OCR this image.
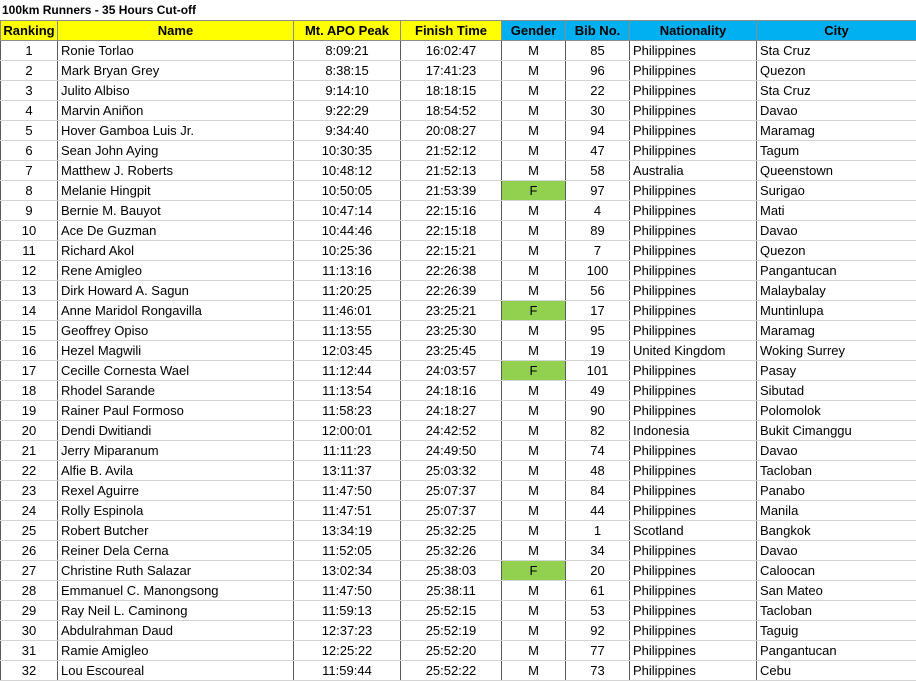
100km Runners - 35 Hours Cut-off
Ranking	Name	Mt. APO Peak	Finish Time	Gender	Bib No.	Nationality	City
1	Ronie Torlao	8:09:21	16:02:47	M	85	Philippines	Sta Cruz
2	Mark Bryan Grey	8:38:15	17:41:23	M	96	Philippines	Quezon
3	Julito Albiso	9:14:10	18:18:15	M	22	Philippines	Sta Cruz
4	Marvin Aniñon	9:22:29	18:54:52	M	30	Philippines	Davao
5	Hover Gamboa Luis Jr.	9:34:40	20:08:27	M	94	Philippines	Maramag
6	Sean John Aying	10:30:35	21:52:12	M	47	Philippines	Tagum
7	Matthew J. Roberts	10:48:12	21:52:13	M	58	Australia	Queenstown
8	Melanie Hingpit	10:50:05	21:53:39	F	97	Philippines	Surigao
9	Bernie M. Bauyot	10:47:14	22:15:16	M	4	Philippines	Mati
10	Ace De Guzman	10:44:46	22:15:18	M	89	Philippines	Davao
11	Richard Akol	10:25:36	22:15:21	M	7	Philippines	Quezon
12	Rene Amigleo	11:13:16	22:26:38	M	100	Philippines	Pangantucan
13	Dirk Howard A. Sagun	11:20:25	22:26:39	M	56	Philippines	Malaybalay
14	Anne Maridol Rongavilla	11:46:01	23:25:21	F	17	Philippines	Muntinlupa
15	Geoffrey Opiso	11:13:55	23:25:30	M	95	Philippines	Maramag
16	Hezel Magwili	12:03:45	23:25:45	M	19	United Kingdom	Woking Surrey
17	Cecille Cornesta Wael	11:12:44	24:03:57	F	101	Philippines	Pasay
18	Rhodel Sarande	11:13:54	24:18:16	M	49	Philippines	Sibutad
19	Rainer Paul Formoso	11:58:23	24:18:27	M	90	Philippines	Polomolok
20	Dendi Dwitiandi	12:00:01	24:42:52	M	82	Indonesia	Bukit Cimanggu
21	Jerry Miparanum	11:11:23	24:49:50	M	74	Philippines	Davao
22	Alfie B. Avila	13:11:37	25:03:32	M	48	Philippines	Tacloban
23	Rexel Aguirre	11:47:50	25:07:37	M	84	Philippines	Panabo
24	Rolly Espinola	11:47:51	25:07:37	M	44	Philippines	Manila
25	Robert Butcher	13:34:19	25:32:25	M	1	Scotland	Bangkok
26	Reiner Dela Cerna	11:52:05	25:32:26	M	34	Philippines	Davao
27	Christine Ruth Salazar	13:02:34	25:38:03	F	20	Philippines	Caloocan
28	Emmanuel C. Manongsong	11:47:50	25:38:11	M	61	Philippines	San Mateo
29	Ray Neil L. Caminong	11:59:13	25:52:15	M	53	Philippines	Tacloban
30	Abdulrahman Daud	12:37:23	25:52:19	M	92	Philippines	Taguig
31	Ramie Amigleo	12:25:22	25:52:20	M	77	Philippines	Pangantucan
32	Lou Escoureal	11:59:44	25:52:22	M	73	Philippines	Cebu
